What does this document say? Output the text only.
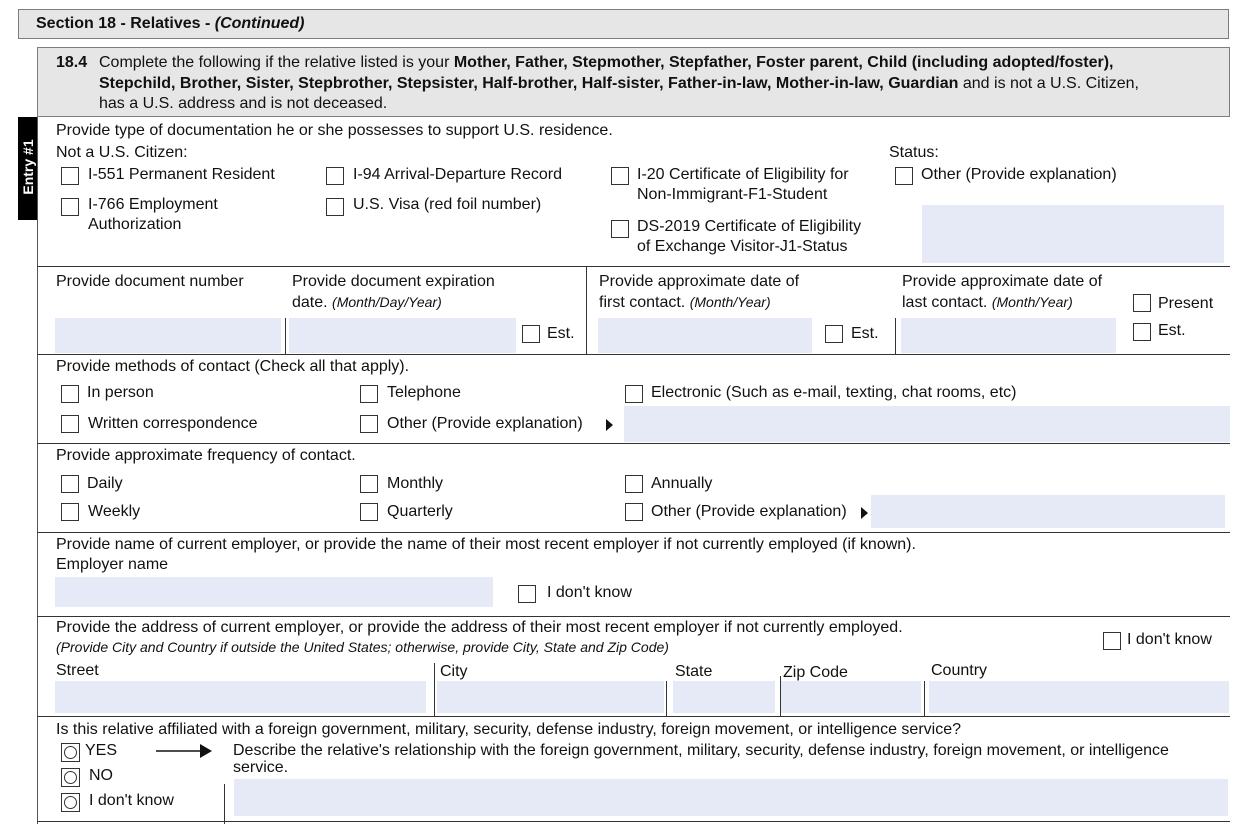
Section 18 - Relatives - (Continued)
18.4 Complete the following if the relative listed is your Mother, Father, Stepmother, Stepfather, Foster parent, Child (including adopted/foster),
Stepchild, Brother, Sister, Stepbrother, Stepsister, Half-brother, Half-sister, Father-in-law, Mother-in-law, Guardian and is not a U.S. Citizen,
has a U.S. address and is not deceased.
Entry #1
Provide type of documentation he or she possesses to support U.S. residence.
Not a U.S. Citizen:	Status:
I-551 Permanent Resident
I-766 Employment
Authorization
I-94 Arrival-Departure Record
U.S. Visa (red foil number)
I-20 Certificate of Eligibility for
Non-Immigrant-F1-Student
DS-2019 Certificate of Eligibility
of Exchange Visitor-J1-Status
Other (Provide explanation)
Provide document number	Provide document expiration
date. (Month/Day/Year)
Provide approximate date of
first contact. (Month/Year)
Provide approximate date of
last contact. (Month/Year)
Est.	Est.
Present
Est.
Provide methods of contact (Check all that apply).
In person	Telephone	Electronic (Such as e-mail, texting, chat rooms, etc)
Written correspondence	Other (Provide explanation)
Provide approximate frequency of contact.
Daily	Monthly	Annually
Weekly	Quarterly	Other (Provide explanation)
Provide name of current employer, or provide the name of their most recent employer if not currently employed (if known).
Employer name
I don't know
Provide the address of current employer, or provide the address of their most recent employer if not currently employed.
(Provide City and Country if outside the United States; otherwise, provide City, State and Zip Code)	I don't know
Street	City	State	Zip Code	Country
Is this relative affiliated with a foreign government, military, security, defense industry, foreign movement, or intelligence service?
YES
NO
I don't know
Describe the relative's relationship with the foreign government, military, security, defense industry, foreign movement, or intelligence
service.
